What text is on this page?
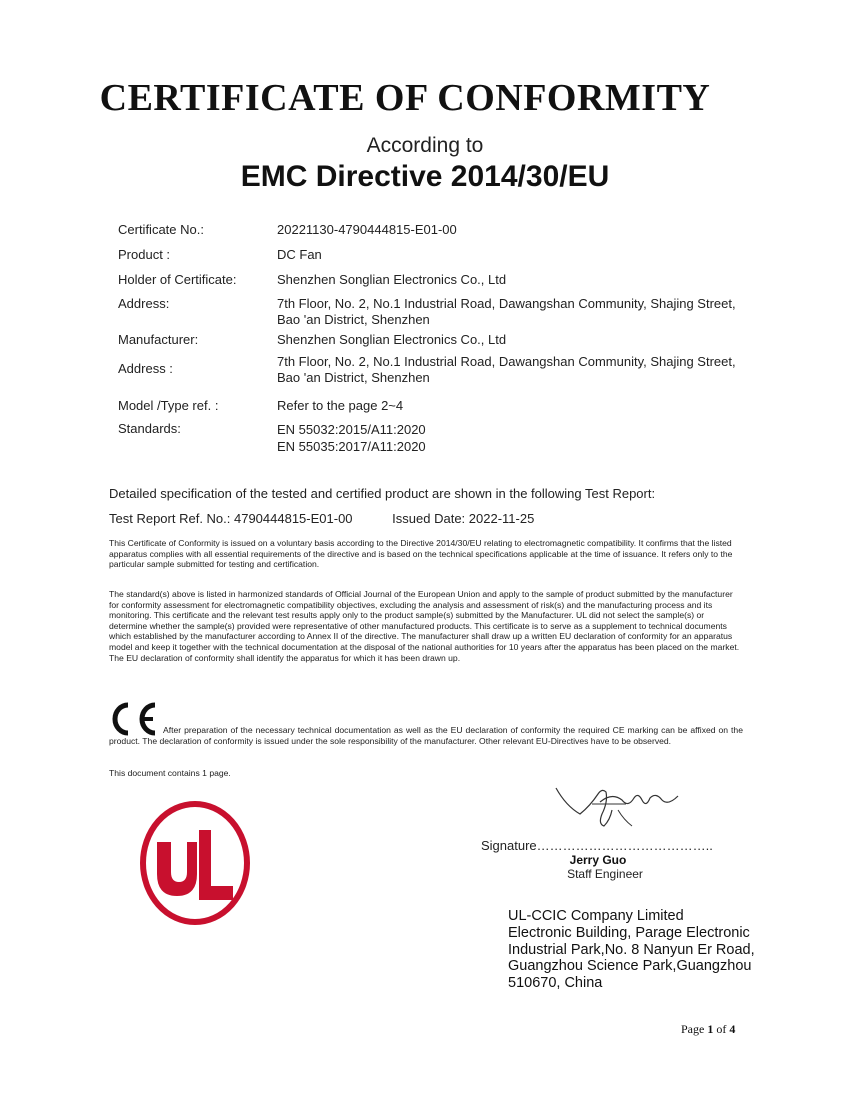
CERTIFICATE OF CONFORMITY
According to
EMC Directive 2014/30/EU
Certificate No.:	20221130-4790444815-E01-00
Product :	DC Fan
Holder of Certificate:	Shenzhen Songlian Electronics Co., Ltd
Address:	7th Floor, No. 2, No.1 Industrial Road, Dawangshan Community, Shajing Street,
Bao 'an District, Shenzhen
Manufacturer:	Shenzhen Songlian Electronics Co., Ltd
Address :	7th Floor, No. 2, No.1 Industrial Road, Dawangshan Community, Shajing Street,
Bao 'an District, Shenzhen
Model /Type ref. :	Refer to the page 2~4
Standards:	EN 55032:2015/A11:2020
EN 55035:2017/A11:2020
Detailed specification of the tested and certified product are shown in the following Test Report:
Test Report Ref. No.: 4790444815-E01-00	Issued Date: 2022-11-25
This Certificate of Conformity is issued on a voluntary basis according to the Directive 2014/30/EU relating to electromagnetic compatibility. It confirms that the listed apparatus complies with all essential requirements of the directive and is based on the technical specifications applicable at the time of issuance. It refers only to the particular sample submitted for testing and certification.
The standard(s) above is listed in harmonized standards of Official Journal of the European Union and apply to the sample of product submitted by the manufacturer for conformity assessment for electromagnetic compatibility objectives, excluding the analysis and assessment of risk(s) and the manufacturing process and its monitoring. This certificate and the relevant test results apply only to the product sample(s) submitted by the Manufacturer. UL did not select the sample(s) or determine whether the sample(s) provided were representative of other manufactured products. This certificate is to serve as a supplement to technical documents which established by the manufacturer according to Annex II of the directive. The manufacturer shall draw up a written EU declaration of conformity for an apparatus model and keep it together with the technical documentation at the disposal of the national authorities for 10 years after the apparatus has been placed on the market. The EU declaration of conformity shall identify the apparatus for which it has been drawn up.
After preparation of the necessary technical documentation as well as the EU declaration of conformity the required CE marking can be affixed on the product. The declaration of conformity is issued under the sole responsibility of the manufacturer. Other relevant EU-Directives have to be observed.
This document contains 1 page.
Signature…………………………………..
Jerry Guo
Staff Engineer
UL-CCIC Company Limited
Electronic Building, Parage Electronic
Industrial Park,No. 8 Nanyun Er Road,
Guangzhou Science Park,Guangzhou
510670, China
Page 1 of 4
